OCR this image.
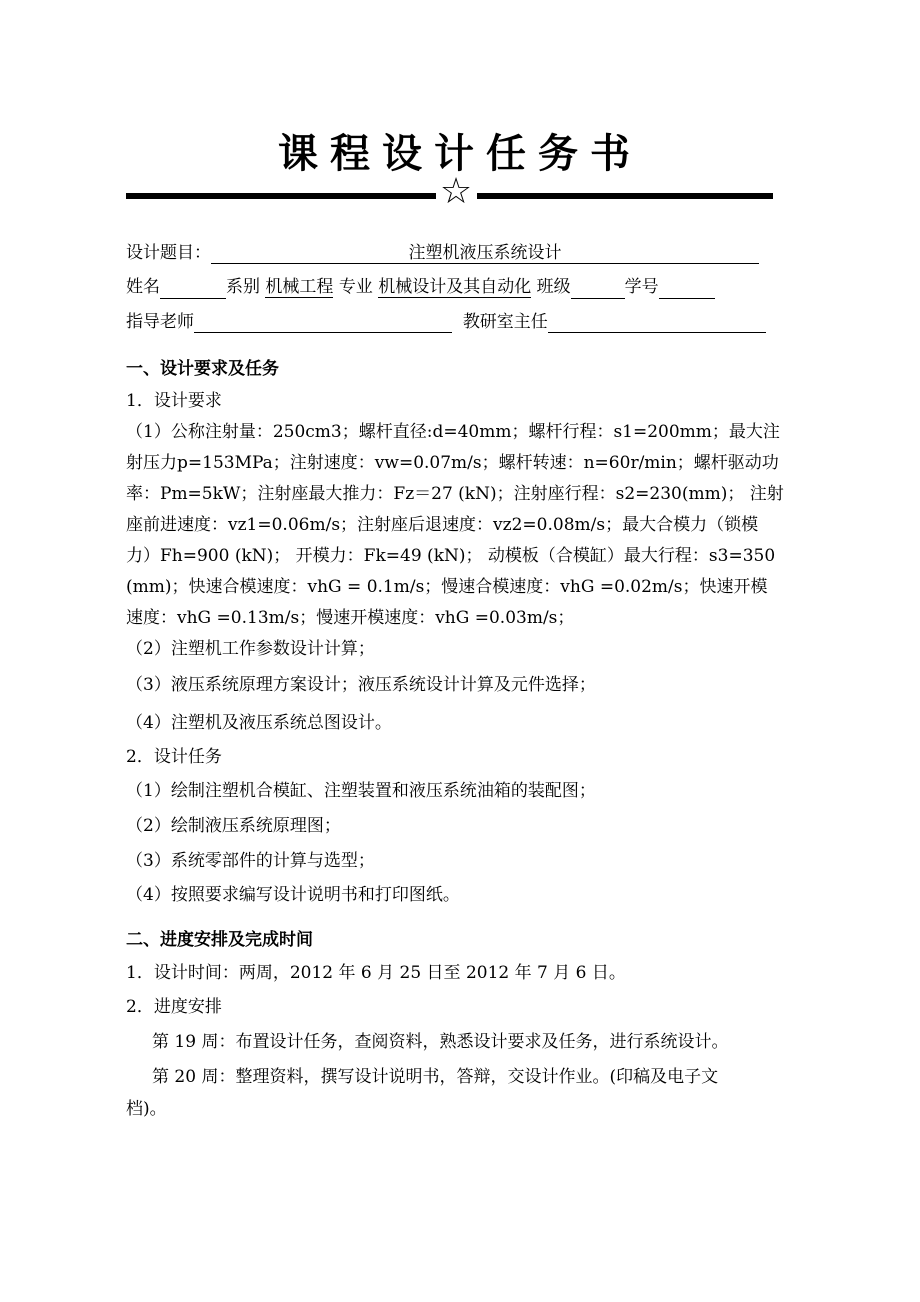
课程设计任务书
☆
设计题目：	注塑机液压系统设计
姓名	系别 机械工程 专业 机械设计及其自动化 班级	学号
指导老师	教研室主任
一、设计要求及任务
1．设计要求
（1）公称注射量：250cm3；螺杆直径:d=40mm；螺杆行程：s1=200mm；最大注
射压力p=153MPa；注射速度：vw=0.07m/s；螺杆转速：n=60r/min；螺杆驱动功
率：Pm=5kW；注射座最大推力：Fz＝27 (kN)；注射座行程：s2=230(mm)； 注射
座前进速度：vz1=0.06m/s；注射座后退速度：vz2=0.08m/s；最大合模力（锁模
力）Fh=900 (kN)； 开模力：Fk=49 (kN)； 动模板（合模缸）最大行程：s3=350
(mm)；快速合模速度：vhG = 0.1m/s；慢速合模速度：vhG =0.02m/s；快速开模
速度：vhG =0.13m/s；慢速开模速度：vhG =0.03m/s；
（2）注塑机工作参数设计计算；
（3）液压系统原理方案设计；液压系统设计计算及元件选择；
（4）注塑机及液压系统总图设计。
2．设计任务
（1）绘制注塑机合模缸、注塑装置和液压系统油箱的装配图；
（2）绘制液压系统原理图；
（3）系统零部件的计算与选型；
（4）按照要求编写设计说明书和打印图纸。
二、进度安排及完成时间
1．设计时间：两周，2012 年 6 月 25 日至 2012 年 7 月 6 日。
2．进度安排
第 19 周：布置设计任务，查阅资料，熟悉设计要求及任务，进行系统设计。
第 20 周：整理资料，撰写设计说明书，答辩，交设计作业。(印稿及电子文
档)。
